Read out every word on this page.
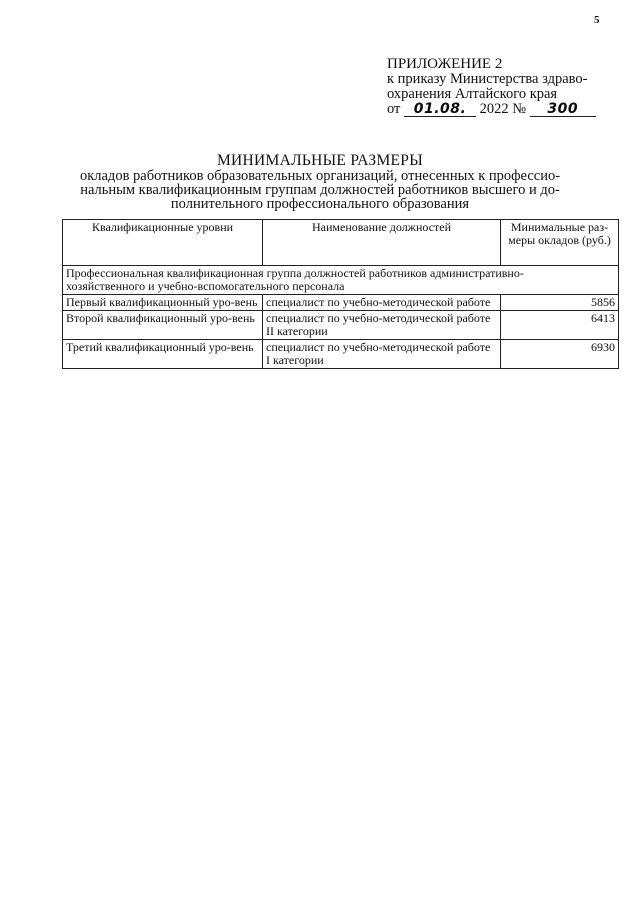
5
ПРИЛОЖЕНИЕ 2
к приказу Министерства здраво-
охранения Алтайского края
от 01.08. 2022 № 300
МИНИМАЛЬНЫЕ РАЗМЕРЫ
окладов работников образовательных организаций, отнесенных к профессио-
нальным квалификационным группам должностей работников высшего и до-
полнительного профессионального образования
Квалификационные уровни	Наименование должностей	Минимальные раз-меры окладов (руб.)

Профессиональная квалификационная группа должностей работников административно-
хозяйственного и учебно-вспомогательного персонала		

Первый квалификационный уро-вень	специалист по учебно-методической работе	5856
Второй квалификационный уро-вень	специалист по учебно-методической работе II категории	6413
Третий квалификационный уро-вень	специалист по учебно-методической работе I категории	6930
